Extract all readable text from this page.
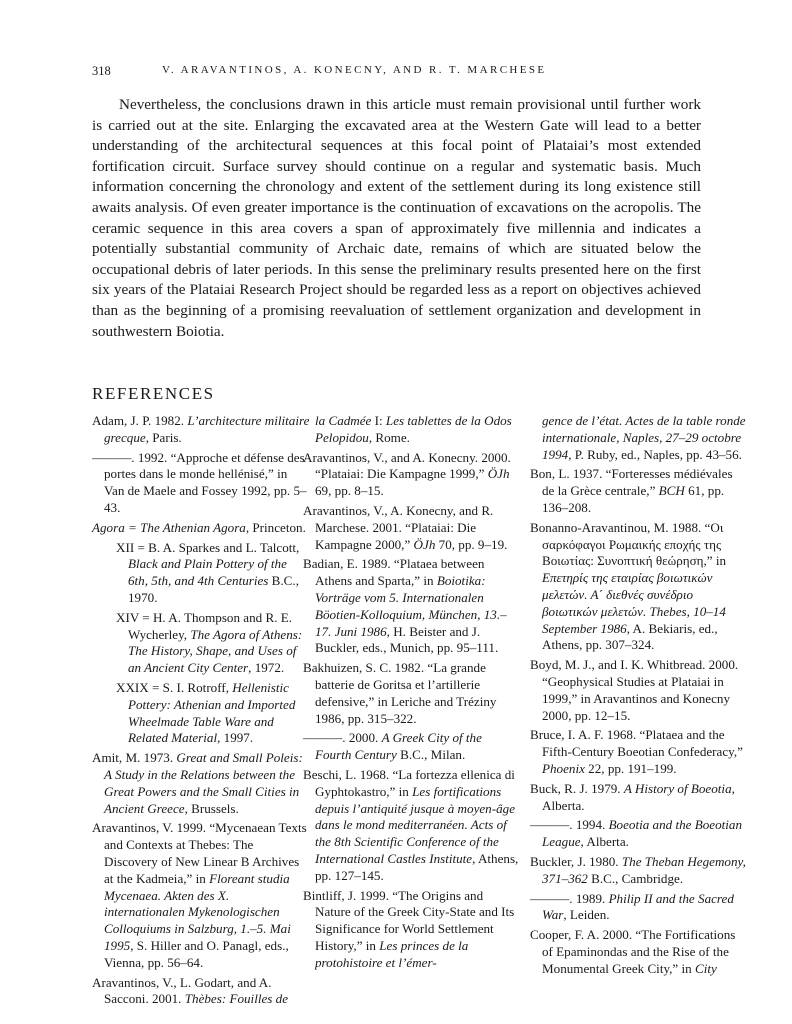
318	V. ARAVANTINOS, A. KONECNY, AND R. T. MARCHESE

Nevertheless, the conclusions drawn in this article must remain provisional until further work is carried out at the site. Enlarging the excavated area at the Western Gate will lead to a better understanding of the architectural sequences at this focal point of Plataiai’s most extended fortification circuit. Surface survey should continue on a regular and systematic basis. Much information concerning the chronology and extent of the settlement during its long existence still awaits analysis. Of even greater importance is the continuation of excavations on the acropolis. The ceramic sequence in this area covers a span of approximately five millennia and indicates a potentially substantial community of Archaic date, remains of which are situated below the occupational debris of later periods. In this sense the preliminary results presented here on the first six years of the Plataiai Research Project should be regarded less as a report on objectives achieved than as the beginning of a promising reevaluation of settlement organization and development in southwestern Boiotia.

REFERENCES

Adam, J. P. 1982. L’architecture militaire grecque, Paris.

———. 1992. “Approche et défense des portes dans le monde hellénisé,” in Van de Maele and Fossey 1992, pp. 5–43.

Agora = The Athenian Agora, Princeton.

XII = B. A. Sparkes and L. Talcott, Black and Plain Pottery of the 6th, 5th, and 4th Centuries B.C., 1970.

XIV = H. A. Thompson and R. E. Wycherley, The Agora of Athens: The History, Shape, and Uses of an Ancient City Center, 1972.

XXIX = S. I. Rotroff, Hellenistic Pottery: Athenian and Imported Wheelmade Table Ware and Related Material, 1997.

Amit, M. 1973. Great and Small Poleis: A Study in the Relations between the Great Powers and the Small Cities in Ancient Greece, Brussels.

Aravantinos, V. 1999. “Mycenaean Texts and Contexts at Thebes: The Discovery of New Linear B Archives at the Kadmeia,” in Floreant studia Mycenaea. Akten des X. internationalen Mykenologischen Colloquiums in Salzburg, 1.–5. Mai 1995, S. Hiller and O. Panagl, eds., Vienna, pp. 56–64.

Aravantinos, V., L. Godart, and A. Sacconi. 2001. Thèbes: Fouilles de

la Cadmée I: Les tablettes de la Odos Pelopidou, Rome.

Aravantinos, V., and A. Konecny. 2000. “Plataiai: Die Kampagne 1999,” ÖJh 69, pp. 8–15.

Aravantinos, V., A. Konecny, and R. Marchese. 2001. “Plataiai: Die Kampagne 2000,” ÖJh 70, pp. 9–19.

Badian, E. 1989. “Plataea between Athens and Sparta,” in Boiotika: Vorträge vom 5. Internationalen Böotien-Kolloquium, München, 13.–17. Juni 1986, H. Beister and J. Buckler, eds., Munich, pp. 95–111.

Bakhuizen, S. C. 1982. “La grande batterie de Goritsa et l’artillerie defensive,” in Leriche and Tréziny 1986, pp. 315–322.

———. 2000. A Greek City of the Fourth Century B.C., Milan.

Beschi, L. 1968. “La fortezza ellenica di Gyphtokastro,” in Les fortifications depuis l’antiquité jusque à moyen-âge dans le mond mediterranéen. Acts of the 8th Scientific Conference of the International Castles Institute, Athens, pp. 127–145.

Bintliff, J. 1999. “The Origins and Nature of the Greek City-State and Its Significance for World Settlement History,” in Les princes de la protohistoire et l’émer-

gence de l’état. Actes de la table ronde internationale, Naples, 27–29 octobre 1994, P. Ruby, ed., Naples, pp. 43–56.

Bon, L. 1937. “Forteresses médiévales de la Grèce centrale,” BCH 61, pp. 136–208.

Bonanno-Aravantinou, M. 1988. “Οι σαρκόφαγοι Ρωμαικής εποχής της Βοιωτίας: Συνοπτική θεώρηση,” in Επετηρίς της εταιρίας βοιωτικών μελετών. Α΄ διεθνές συνέδριο βοιωτικών μελετών. Thebes, 10–14 September 1986, A. Bekiaris, ed., Athens, pp. 307–324.

Boyd, M. J., and I. K. Whitbread. 2000. “Geophysical Studies at Plataiai in 1999,” in Aravantinos and Konecny 2000, pp. 12–15.

Bruce, I. A. F. 1968. “Plataea and the Fifth-Century Boeotian Confederacy,” Phoenix 22, pp. 191–199.

Buck, R. J. 1979. A History of Boeotia, Alberta.

———. 1994. Boeotia and the Boeotian League, Alberta.

Buckler, J. 1980. The Theban Hegemony, 371–362 B.C., Cambridge.

———. 1989. Philip II and the Sacred War, Leiden.

Cooper, F. A. 2000. “The Fortifications of Epaminondas and the Rise of the Monumental Greek City,” in City
